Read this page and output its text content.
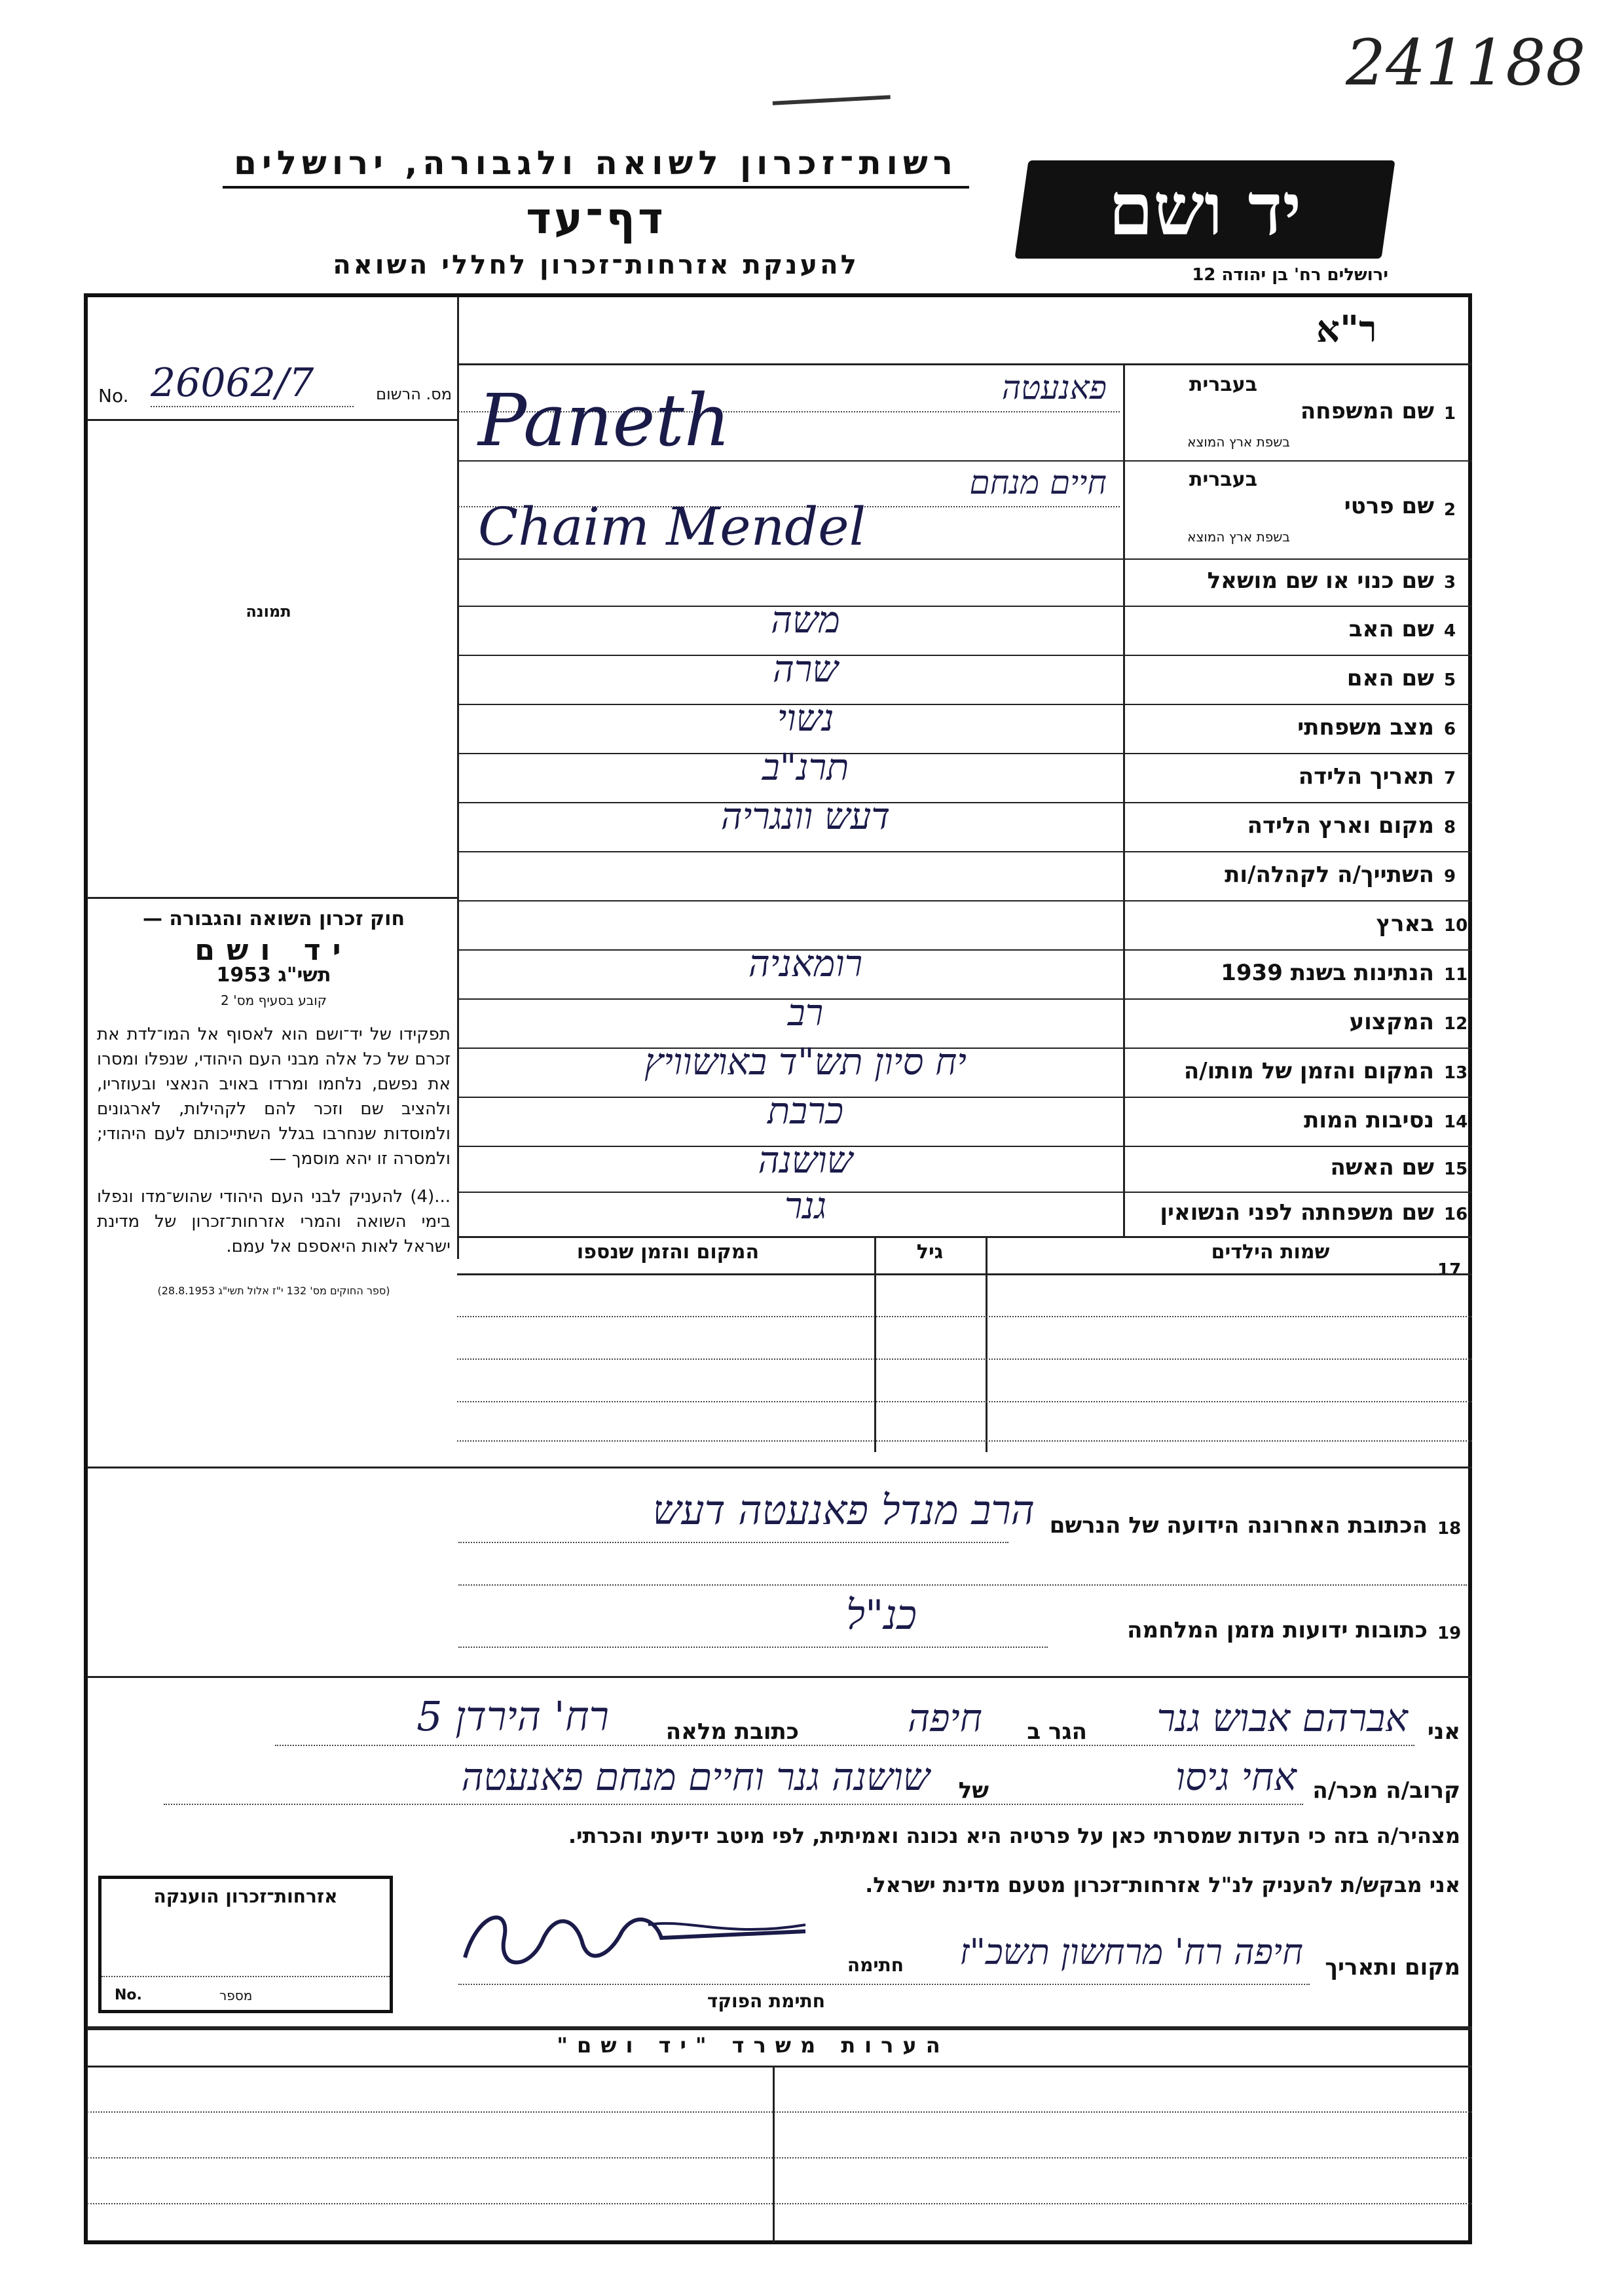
241188
רשות־זכרון לשואה ולגבורה, ירושלים
דף־עד
להענקת אזרחות־זכרון לחללי השואה
יד ושם
ירושלים רח' בן יהודה 12
ר"א
No. 26062/7	מס. הרשום
תמונה
חוק זכרון השואה והגבורה —
יד ושם
תשי"ג 1953
קובע בסעיף מס' 2
תפקידו של יד־ושם הוא לאסוף אל המו־לדת את זכרם של כל אלה מבני העם היהודי, שנפלו ומסרו את נפשם, נלחמו ומרדו באויב הנאצי ובעוזריו, ולהציב שם וזכר להם לקהילות, לארגונים ולמוסדות שנחרבו בגלל השתייכותם לעם היהודי; ולמסרה זו יהא מוסמך —
...(4) להעניק לבני העם היהודי שהוש־מדו ונפלו בימי השואה והמרי אזרחות־זכרון של מדינת ישראל לאות היאספם אל עמם.
(ספר החוקים מס' 132 י"ז אלול תשי"ג 28.8.1953)
1
שם המשפחה
בעברית
בשפת ארץ המוצא
פאנעטה
Paneth
2
שם פרטי
בעברית
בשפת ארץ המוצא
חיים מנחם
Chaim Mendel
3
שם כנוי או שם מושאל
4
שם האב
משה
5
שם האם
שרה
6
מצב משפחתי
נשוי
7
תאריך הלידה
תרנ"ב
8
מקום וארץ הלידה
דעש וונגריה
9
השתייך/ה לקהלה/ות
10
בארץ
11
הנתינות בשנת 1939
רומאניה
12
המקצוע
רב
13
המקום והזמן של מותו/ה
יח סיון תש"ד באושוויץ
14
נסיבות המות
כרבת
15
שם האשה
שושנה
16
שם משפחתה לפני הנשואין
גנר
17
שמות הילדים
גיל
המקום והזמן שנספו
18
הכתובת האחרונה הידועה של הנרשם
הרב מנדל פאנעטה דעש
19
כתובות ידועות מזמן המלחמה
כנ"ל
אני
אברהם אבוש גנר
הגר ב
חיפה
כתובת מלאה
רח' הירדן 5
קרוב/ה מכר/ה
אחי גיסו
של
שושנה גנר וחיים מנחם פאנעטה
מצהיר/ה בזה כי העדות שמסרתי כאן על פרטיה היא נכונה ואמיתית, לפי מיטב ידיעתי והכרתי.
אני מבקש/ת להעניק לנ"ל אזרחות־זכרון מטעם מדינת ישראל.
מקום ותאריך
חיפה רח' מרחשון תשכ"ז
חתימה
חתימת הפוקד
אזרחות־זכרון הוענקה
No.	מספר
הערות משרד "יד ושם"
